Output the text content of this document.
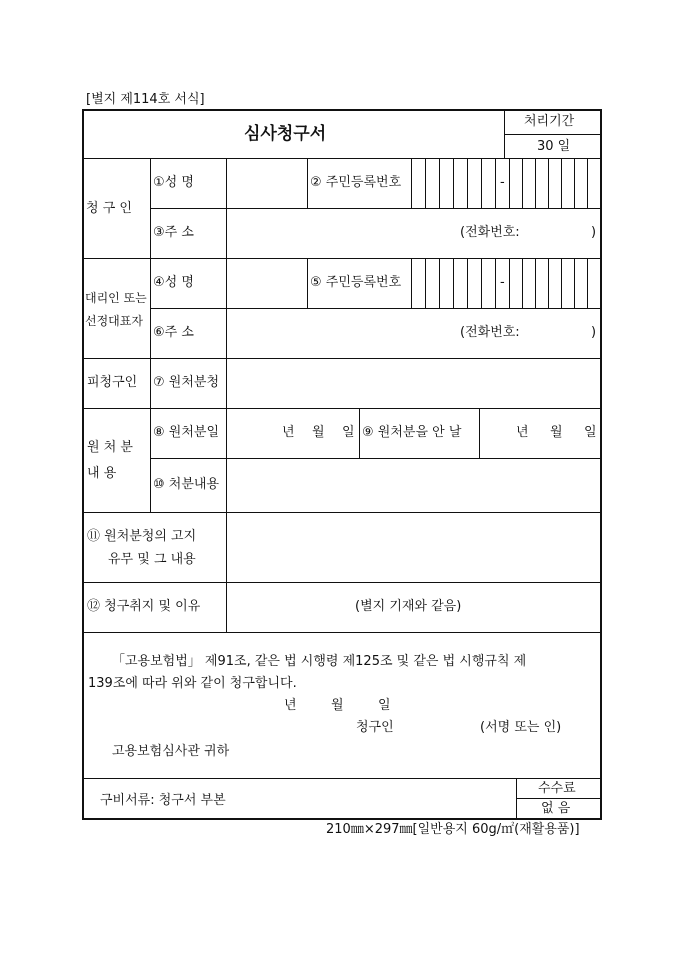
[별지 제114호 서식]
-
-
심사청구서
처리기간
30 일
청 구 인
①성 명	② 주민등록번호
③주 소	(전화번호:	)
대리인 또는
선정대표자
④성 명	⑤ 주민등록번호
⑥주 소	(전화번호:	)
피청구인 ⑦ 원처분청
원 처 분
내 용
⑧ 원처분일	년 월 일 ⑨ 원처분을 안 날	년 월 일
⑩ 처분내용
⑪ 원처분청의 고지
유무 및 그 내용
⑫ 청구취지 및 이유	(별지 기재와 같음)
「고용보험법」 제91조, 같은 법 시행령 제125조 및 같은 법 시행규칙 제
139조에 따라 위와 같이 청구합니다.
년	월	일
청구인	(서명 또는 인)
고용보험심사관 귀하
구비서류: 청구서 부본
수수료
없 음
210㎜×297㎜[일반용지 60g/㎡(재활용품)]
